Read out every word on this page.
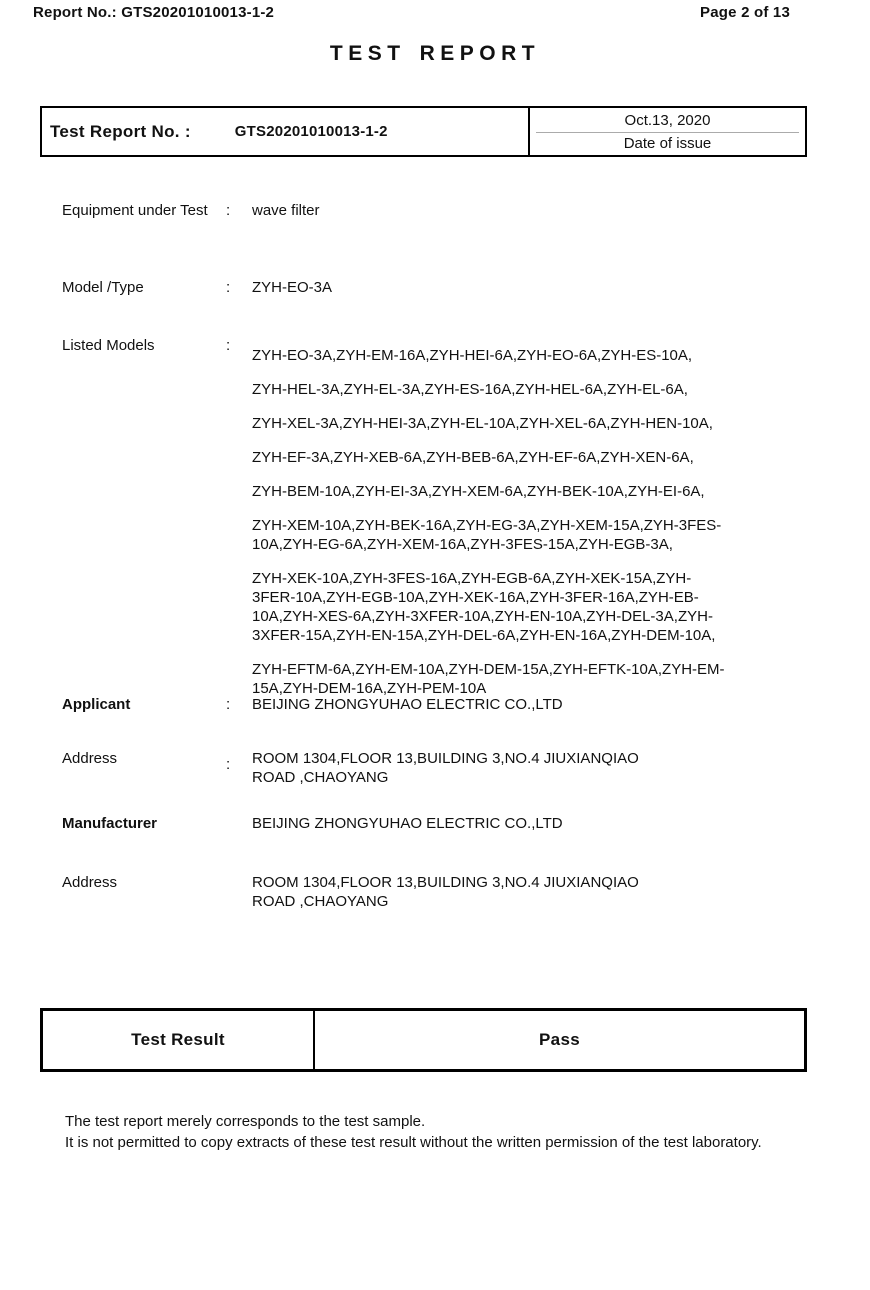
Report No.: GTS20201010013-1-2	Page 2 of 13
TEST REPORT
Test Report No. :	GTS20201010013-1-2
Oct.13, 2020
Date of issue
Equipment under Test	: wave filter
Model /Type	: ZYH-EO-3A
Listed Models	:

ZYH-EO-3A,ZYH-EM-16A,ZYH-HEI-6A,ZYH-EO-6A,ZYH-ES-10A,

ZYH-HEL-3A,ZYH-EL-3A,ZYH-ES-16A,ZYH-HEL-6A,ZYH-EL-6A,

ZYH-XEL-3A,ZYH-HEI-3A,ZYH-EL-10A,ZYH-XEL-6A,ZYH-HEN-10A,

ZYH-EF-3A,ZYH-XEB-6A,ZYH-BEB-6A,ZYH-EF-6A,ZYH-XEN-6A,

ZYH-BEM-10A,ZYH-EI-3A,ZYH-XEM-6A,ZYH-BEK-10A,ZYH-EI-6A,

ZYH-XEM-10A,ZYH-BEK-16A,ZYH-EG-3A,ZYH-XEM-15A,ZYH-3FES-
10A,ZYH-EG-6A,ZYH-XEM-16A,ZYH-3FES-15A,ZYH-EGB-3A,

ZYH-XEK-10A,ZYH-3FES-16A,ZYH-EGB-6A,ZYH-XEK-15A,ZYH-
3FER-10A,ZYH-EGB-10A,ZYH-XEK-16A,ZYH-3FER-16A,ZYH-EB-
10A,ZYH-XES-6A,ZYH-3XFER-10A,ZYH-EN-10A,ZYH-DEL-3A,ZYH-
3XFER-15A,ZYH-EN-15A,ZYH-DEL-6A,ZYH-EN-16A,ZYH-DEM-10A,

ZYH-EFTM-6A,ZYH-EM-10A,ZYH-DEM-15A,ZYH-EFTK-10A,ZYH-EM-
15A,ZYH-DEM-16A,ZYH-PEM-10A

Applicant	: BEIJING ZHONGYUHAO ELECTRIC CO.,LTD
Address	: ROOM 1304,FLOOR 13,BUILDING 3,NO.4 JIUXIANQIAO
ROAD ,CHAOYANG
Manufacturer	BEIJING ZHONGYUHAO ELECTRIC CO.,LTD
Address	ROOM 1304,FLOOR 13,BUILDING 3,NO.4 JIUXIANQIAO
ROAD ,CHAOYANG
Test Result	Pass

The test report merely corresponds to the test sample.

It is not permitted to copy extracts of these test result without the written permission of the test laboratory.
